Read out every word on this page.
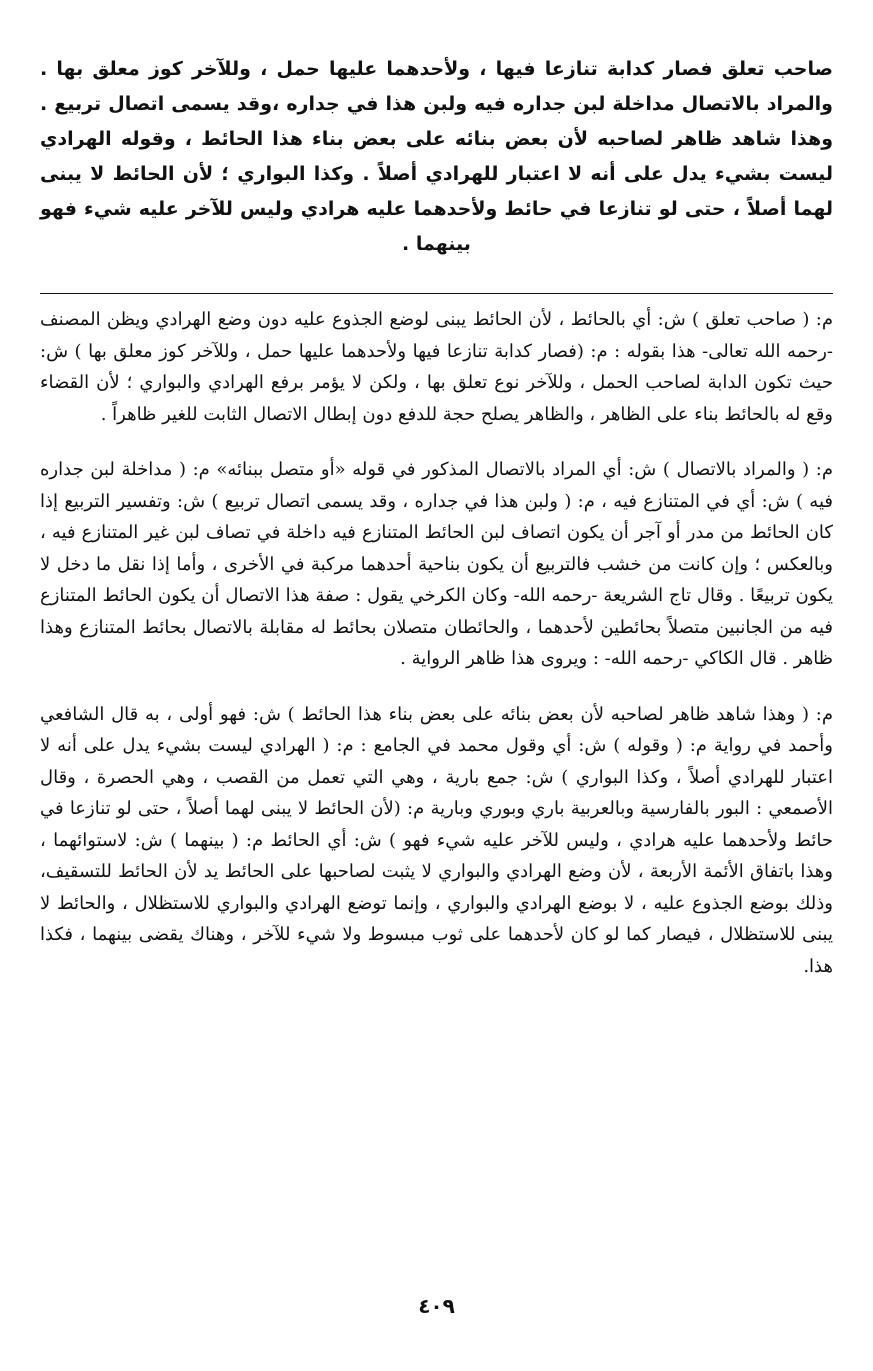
صاحب تعلق فصار كدابة تنازعا فيها ، ولأحدهما عليها حمل ، وللآخر كوز معلق بها . والمراد بالاتصال مداخلة لبن جداره فيه ولبن هذا في جداره ،وقد يسمى اتصال تربيع . وهذا شاهد ظاهر لصاحبه لأن بعض بنائه على بعض بناء هذا الحائط ، وقوله الهرادي ليست بشيء يدل على أنه لا اعتبار للهرادي أصلاً . وكذا البواري ؛ لأن الحائط لا يبنى لهما أصلاً ، حتى لو تنازعا في حائط ولأحدهما عليه هرادي وليس للآخر عليه شيء فهو بينهما .

م: ( صاحب تعلق ) ش: أي بالحائط ، لأن الحائط يبنى لوضع الجذوع عليه دون وضع الهرادي ويظن المصنف -رحمه الله تعالى- هذا بقوله : م: (فصار كدابة تنازعا فيها ولأحدهما عليها حمل ، وللآخر كوز معلق بها ) ش: حيث تكون الدابة لصاحب الحمل ، وللآخر نوع تعلق بها ، ولكن لا يؤمر برفع الهرادي والبواري ؛ لأن القضاء وقع له بالحائط بناء على الظاهر ، والظاهر يصلح حجة للدفع دون إبطال الاتصال الثابت للغير ظاهراً .

م: ( والمراد بالاتصال ) ش: أي المراد بالاتصال المذكور في قوله «أو متصل ببنائه» م: ( مداخلة لبن جداره فيه ) ش: أي في المتنازع فيه ، م: ( ولبن هذا في جداره ، وقد يسمى اتصال تربيع ) ش: وتفسير التربيع إذا كان الحائط من مدر أو آجر أن يكون اتصاف لبن الحائط المتنازع فيه داخلة في تصاف لبن غير المتنازع فيه ، وبالعكس ؛ وإن كانت من خشب فالتربيع أن يكون بناحية أحدهما مركبة في الأخرى ، وأما إذا نقل ما دخل لا يكون تربيعًا . وقال تاج الشريعة -رحمه الله- وكان الكرخي يقول : صفة هذا الاتصال أن يكون الحائط المتنازع فيه من الجانبين متصلاً بحائطين لأحدهما ، والحائطان متصلان بحائط له مقابلة بالاتصال بحائط المتنازع وهذا ظاهر . قال الكاكي -رحمه الله- : ويروى هذا ظاهر الرواية .

م: ( وهذا شاهد ظاهر لصاحبه لأن بعض بنائه على بعض بناء هذا الحائط ) ش: فهو أولى ، به قال الشافعي وأحمد في رواية م: ( وقوله ) ش: أي وقول محمد في الجامع : م: ( الهرادي ليست بشيء يدل على أنه لا اعتبار للهرادي أصلاً ، وكذا البواري ) ش: جمع بارية ، وهي التي تعمل من القصب ، وهي الحصرة ، وقال الأصمعي : البور بالفارسية وبالعربية باري وبوري وبارية م: (لأن الحائط لا يبنى لهما أصلاً ، حتى لو تنازعا في حائط ولأحدهما عليه هرادي ، وليس للآخر عليه شيء فهو ) ش: أي الحائط م: ( بينهما ) ش: لاستوائهما ، وهذا باتفاق الأئمة الأربعة ، لأن وضع الهرادي والبواري لا يثبت لصاحبها على الحائط يد لأن الحائط للتسقيف، وذلك بوضع الجذوع عليه ، لا بوضع الهرادي والبواري ، وإنما توضع الهرادي والبواري للاستظلال ، والحائط لا يبنى للاستظلال ، فيصار كما لو كان لأحدهما على ثوب مبسوط ولا شيء للآخر ، وهناك يقضى بينهما ، فكذا هذا.

٤٠٩
